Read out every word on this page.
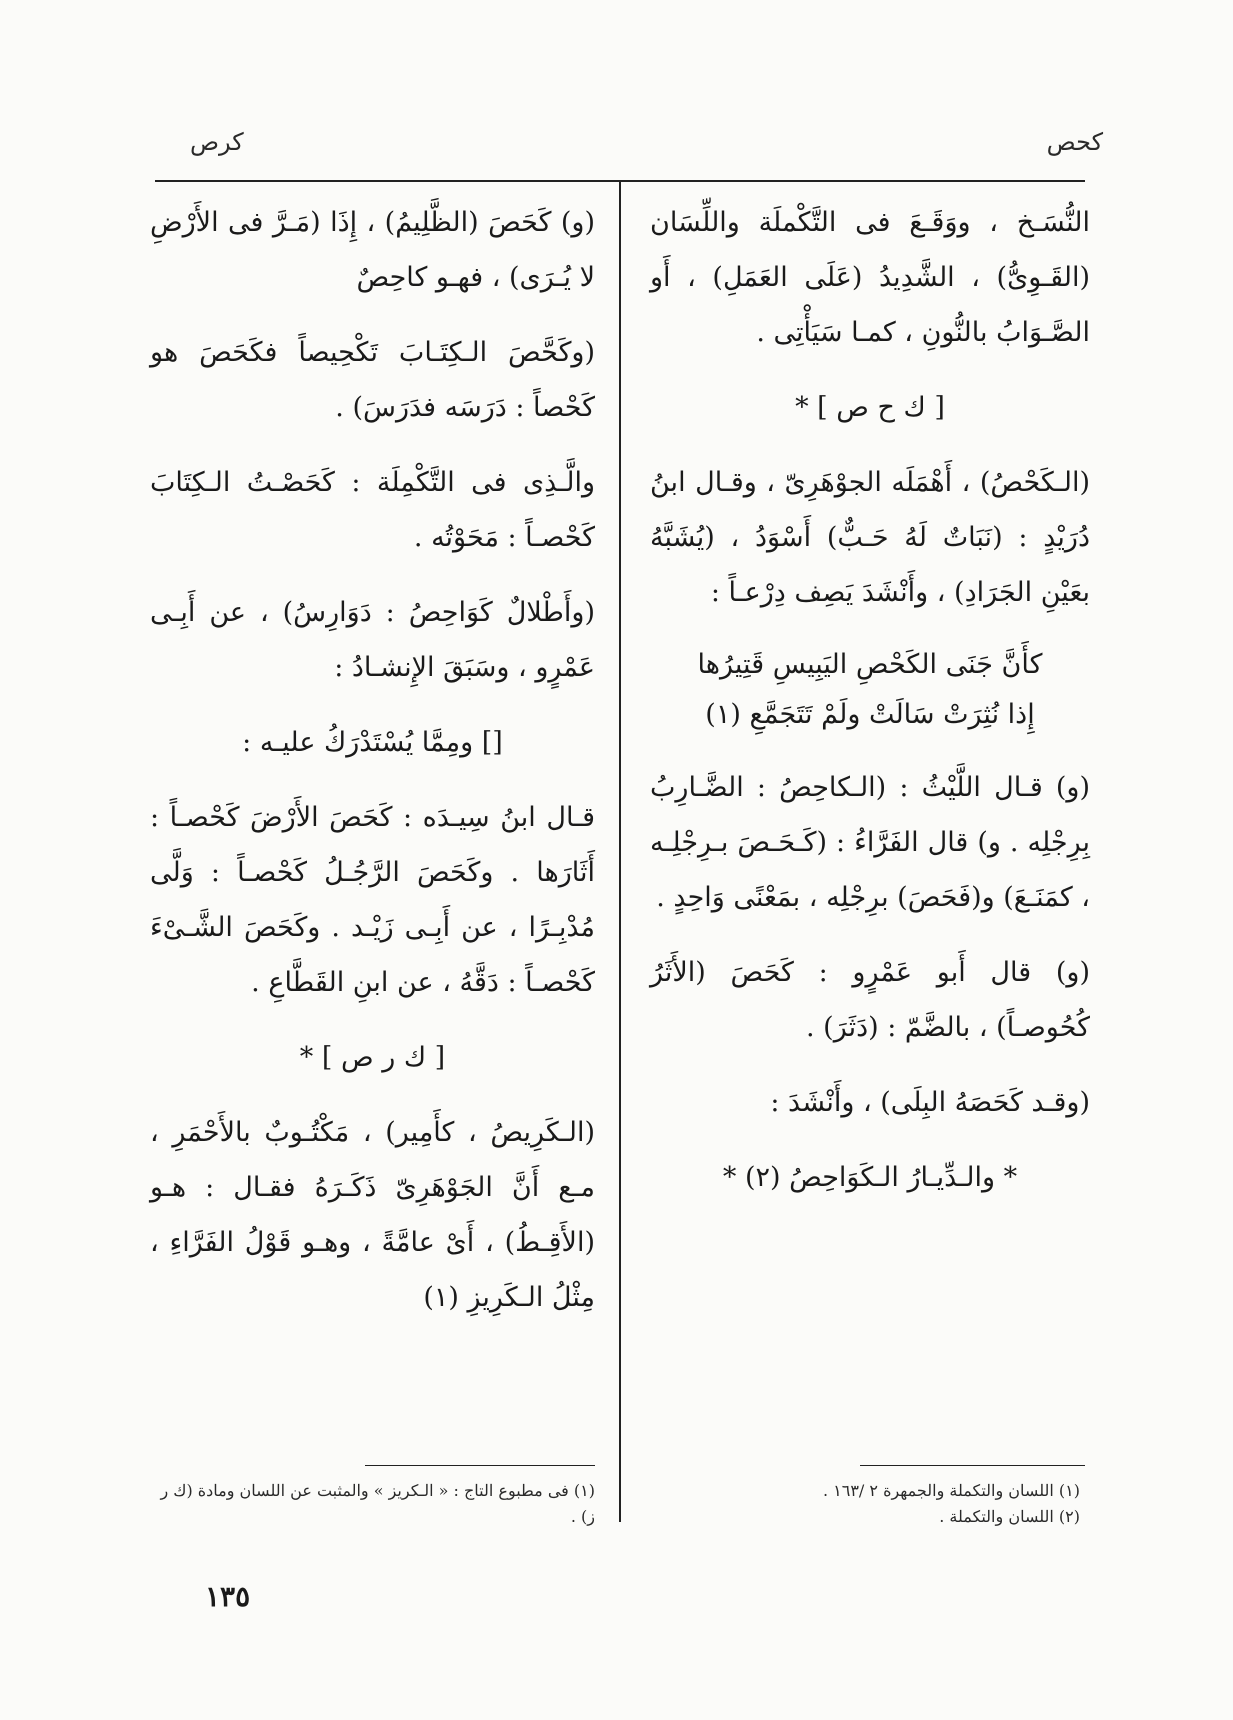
كحص
كرص

النُّسَـخ ، ووَقَـعَ فى التَّكْملَة واللِّسَان (القَـوِىُّ) ، الشَّدِيدُ (عَلَى العَمَلِ) ، أَو الصَّـوَابُ بالنُّونِ ، كمـا سَيَأْتِى .

[ ك ح ص ] *

(الـكَحْصُ) ، أَهْمَلَه الجوْهَرِىّ ، وقـال ابنُ دُرَيْدٍ : (نَبَاتٌ لَهُ حَـبٌّ) أَسْوَدُ ، (يُشَبَّهُ بعَيْنِ الجَرَادِ) ، وأَنْشَدَ يَصِف دِرْعـاً :

كأَنَّ جَنَى الكَحْصِ اليَبِيسِ قَتِيرُها
إِذا نُثِرَتْ سَالَتْ ولَمْ تَتَجَمَّعِ (١)

(و) قـال اللَّيْثُ : (الـكاحِصُ : الضَّـارِبُ بِرِجْلِه . و) قال الفَرَّاءُ : (كَـحَـصَ بـرِجْلِـه ، كمَنَـعَ) و(فَحَصَ) برِجْلِه ، بمَعْنًى وَاحِدٍ .

(و) قال أَبو عَمْرٍو : كَحَصَ (الأَثَرُ كُحُوصـاً) ، بالضَّمّ : (دَثَرَ) .

(وقـد كَحَصَهُ البِلَى) ، وأَنْشَدَ :

* والـدِّيـارُ الـكَوَاحِصُ (٢) *

(و) كَحَصَ (الظَّلِيمُ) ، إِذَا (مَـرَّ فى الأَرْضِ لا يُـرَى) ، فهـو كاحِصٌ

(وكَحَّصَ الـكِتَـابَ تَكْحِيصاً فكَحَصَ هو كَحْصاً : دَرَسَه فدَرَسَ) .

والَّـذِى فى التَّكْمِلَة : كَحَصْـتُ الـكِتَابَ كَحْصـاً : مَحَوْتُه .

(وأَطْلالٌ كَوَاحِصُ : دَوَارِسُ) ، عن أَبِـى عَمْرٍو ، وسَبَقَ الإِنشـادُ :

[] ومِمَّا يُسْتَدْرَكُ عليـه :

قـال ابنُ سِيـدَه : كَحَصَ الأَرْضَ كَحْصـاً : أَثَارَها . وكَحَصَ الرَّجُـلُ كَحْصـاً : وَلَّى مُدْبِـرًا ، عن أَبِـى زَيْـد . وكَحَصَ الشَّـىْءَ كَحْصـاً : دَقَّهُ ، عن ابنِ القَطَّاعِ .

[ ك ر ص ] *

(الـكَرِيصُ ، كأَمِير) ، مَكْتُـوبٌ بالأَحْمَرِ ، مـع أَنَّ الجَوْهَرِىّ ذَكَـرَهُ فقـال : هـو (الأَقِـطُ) ، أَىْ عامَّةً ، وهـو قَوْلُ الفَرَّاءِ ، مِثْلُ الـكَرِيزِ (١)

(١) اللسان والتكملة والجمهرة ٢ /١٦٣ .

(٢) اللسان والتكملة .

(١) فى مطبوع التاج : « الـكريز » والمثبت عن اللسان ومادة (ك ر ز) .

١٣٥
